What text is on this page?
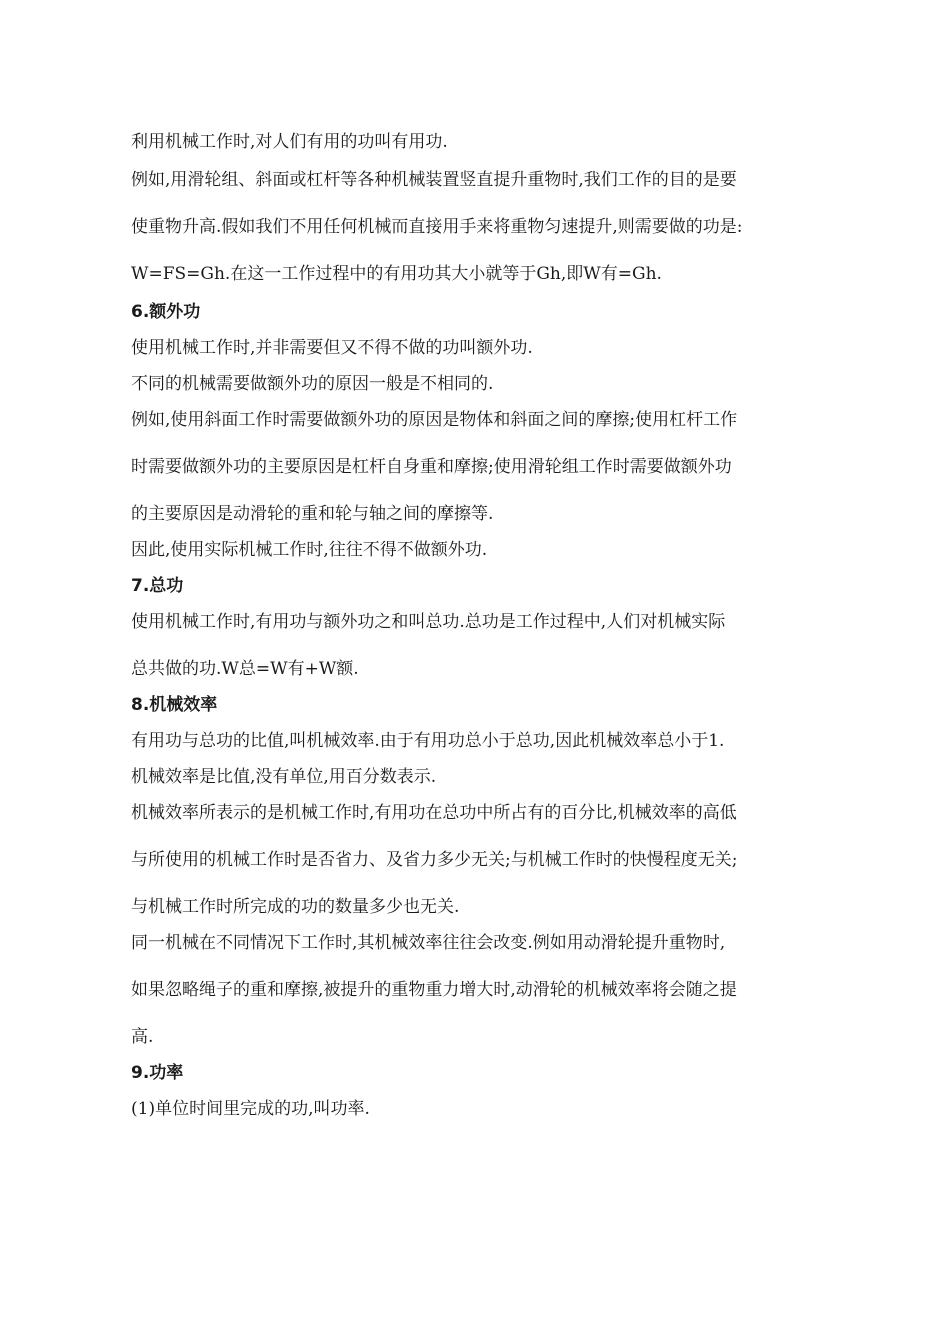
利用机械工作时,对人们有用的功叫有用功.

例如,用滑轮组、斜面或杠杆等各种机械装置竖直提升重物时,我们工作的目的是要

使重物升高.假如我们不用任何机械而直接用手来将重物匀速提升,则需要做的功是:

W=FS=Gh.在这一工作过程中的有用功其大小就等于Gh,即W有=Gh.

6.额外功

使用机械工作时,并非需要但又不得不做的功叫额外功.

不同的机械需要做额外功的原因一般是不相同的.

例如,使用斜面工作时需要做额外功的原因是物体和斜面之间的摩擦;使用杠杆工作

时需要做额外功的主要原因是杠杆自身重和摩擦;使用滑轮组工作时需要做额外功

的主要原因是动滑轮的重和轮与轴之间的摩擦等.

因此,使用实际机械工作时,往往不得不做额外功.

7.总功

使用机械工作时,有用功与额外功之和叫总功.总功是工作过程中,人们对机械实际

总共做的功.W总=W有+W额.

8.机械效率

有用功与总功的比值,叫机械效率.由于有用功总小于总功,因此机械效率总小于1.

机械效率是比值,没有单位,用百分数表示.

机械效率所表示的是机械工作时,有用功在总功中所占有的百分比,机械效率的高低

与所使用的机械工作时是否省力、及省力多少无关;与机械工作时的快慢程度无关;

与机械工作时所完成的功的数量多少也无关.

同一机械在不同情况下工作时,其机械效率往往会改变.例如用动滑轮提升重物时,

如果忽略绳子的重和摩擦,被提升的重物重力增大时,动滑轮的机械效率将会随之提

高.

9.功率

(1)单位时间里完成的功,叫功率.
